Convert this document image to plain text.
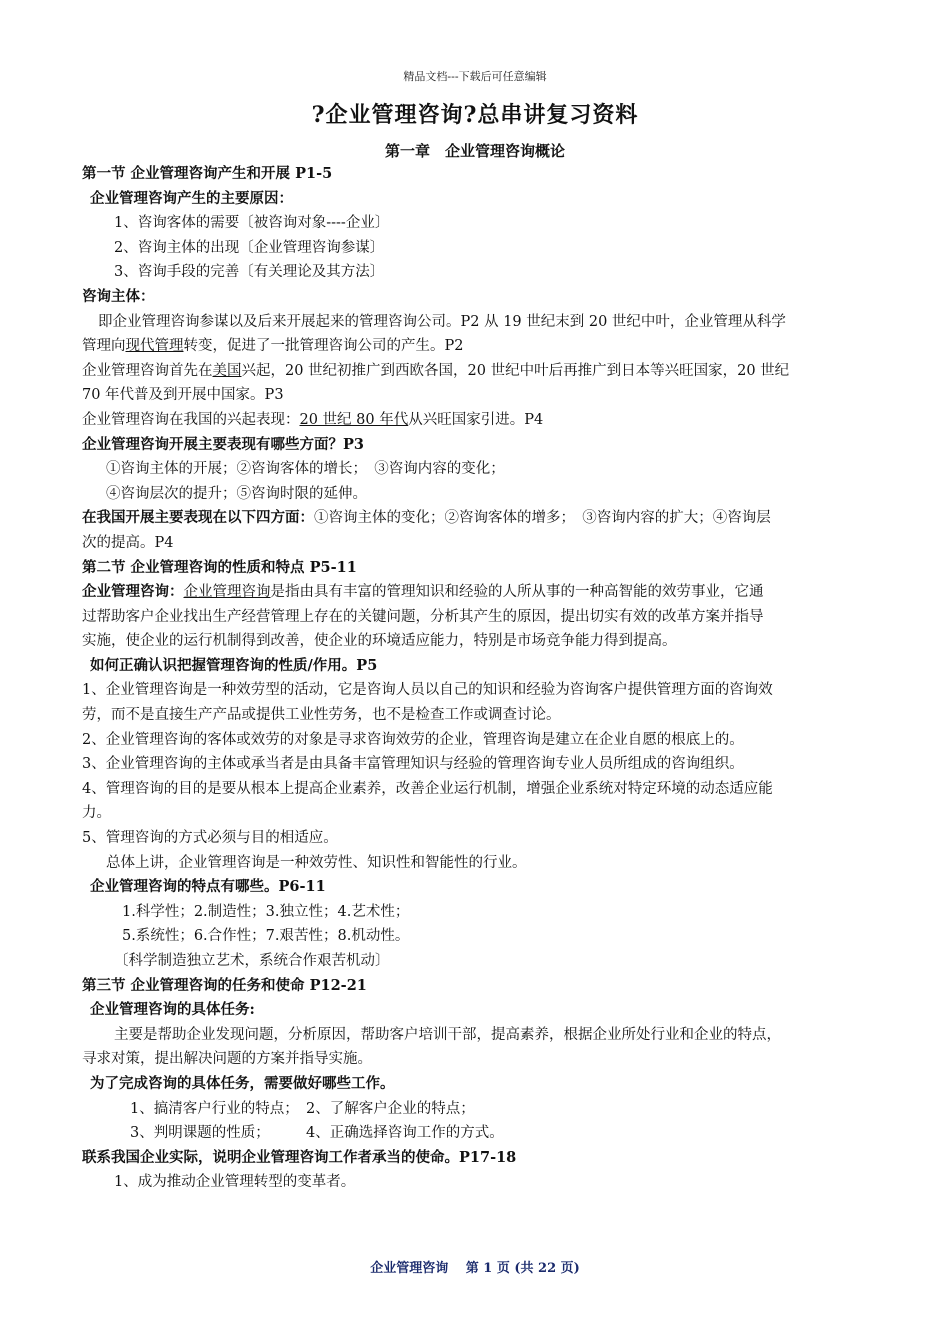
精品文档---下载后可任意编辑
?企业管理咨询?总串讲复习资料
第一章　企业管理咨询概论
第一节 企业管理咨询产生和开展 P1-5
企业管理咨询产生的主要原因：
1、咨询客体的需要〔被咨询对象----企业〕
2、咨询主体的出现〔企业管理咨询参谋〕
3、咨询手段的完善〔有关理论及其方法〕
咨询主体：
即企业管理咨询参谋以及后来开展起来的管理咨询公司。P2 从 19 世纪末到 20 世纪中叶，企业管理从科学
管理向现代管理转变，促进了一批管理咨询公司的产生。P2
企业管理咨询首先在美国兴起，20 世纪初推广到西欧各国，20 世纪中叶后再推广到日本等兴旺国家，20 世纪
70 年代普及到开展中国家。P3
企业管理咨询在我国的兴起表现：20 世纪 80 年代从兴旺国家引进。P4
企业管理咨询开展主要表现有哪些方面？P3
①咨询主体的开展；②咨询客体的增长；　③咨询内容的变化；
④咨询层次的提升；⑤咨询时限的延伸。
在我国开展主要表现在以下四方面：①咨询主体的变化；②咨询客体的增多；　③咨询内容的扩大；④咨询层
次的提高。P4
第二节 企业管理咨询的性质和特点 P5-11
企业管理咨询：企业管理咨询是指由具有丰富的管理知识和经验的人所从事的一种高智能的效劳事业，它通
过帮助客户企业找出生产经营管理上存在的关键问题，分析其产生的原因，提出切实有效的改革方案并指导
实施，使企业的运行机制得到改善，使企业的环境适应能力，特别是市场竞争能力得到提高。
如何正确认识把握管理咨询的性质/作用。P5
1、企业管理咨询是一种效劳型的活动，它是咨询人员以自己的知识和经验为咨询客户提供管理方面的咨询效
劳，而不是直接生产产品或提供工业性劳务，也不是检查工作或调查讨论。
2、企业管理咨询的客体或效劳的对象是寻求咨询效劳的企业，管理咨询是建立在企业自愿的根底上的。
3、企业管理咨询的主体或承当者是由具备丰富管理知识与经验的管理咨询专业人员所组成的咨询组织。
4、管理咨询的目的是要从根本上提高企业素养，改善企业运行机制，增强企业系统对特定环境的动态适应能
力。
5、管理咨询的方式必须与目的相适应。
总体上讲，企业管理咨询是一种效劳性、知识性和智能性的行业。
企业管理咨询的特点有哪些。P6-11
1.科学性；2.制造性；3.独立性；4.艺术性；
5.系统性；6.合作性；7.艰苦性；8.机动性。
〔科学制造独立艺术，系统合作艰苦机动〕
第三节 企业管理咨询的任务和使命 P12-21
企业管理咨询的具体任务:
主要是帮助企业发现问题，分析原因，帮助客户培训干部，提高素养，根据企业所处行业和企业的特点，
寻求对策，提出解决问题的方案并指导实施。
为了完成咨询的具体任务，需要做好哪些工作。
1、搞清客户行业的特点；　2、了解客户企业的特点；
3、判明课题的性质；　　　4、正确选择咨询工作的方式。
联系我国企业实际，说明企业管理咨询工作者承当的使命。P17-18
1、成为推动企业管理转型的变革者。
企业管理咨询　 第 1 页 (共 22 页)
